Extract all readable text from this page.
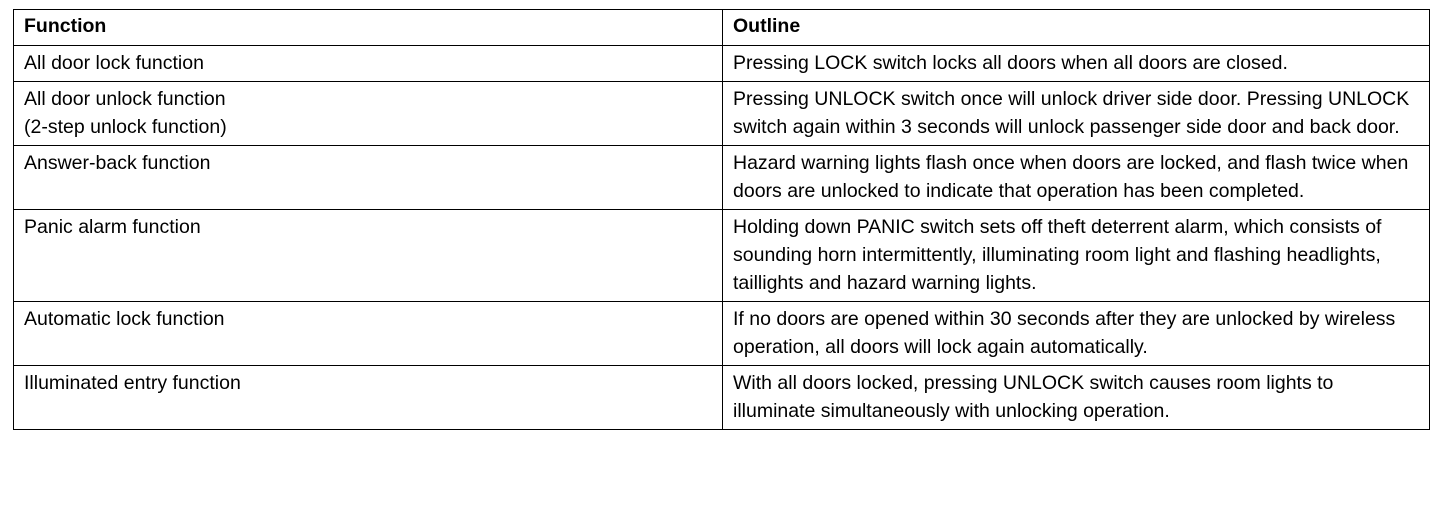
Function	Outline
All door lock function	Pressing LOCK switch locks all doors when all doors are closed.
All door unlock function
(2-step unlock function)	Pressing UNLOCK switch once will unlock driver side door. Pressing UNLOCK switch again within 3 seconds will unlock passenger side door and back door.
Answer-back function	Hazard warning lights flash once when doors are locked, and flash twice when doors are unlocked to indicate that operation has been completed.
Panic alarm function	Holding down PANIC switch sets off theft deterrent alarm, which consists of sounding horn intermittently, illuminating room light and flashing headlights, taillights and hazard warning lights.
Automatic lock function	If no doors are opened within 30 seconds after they are unlocked by wireless operation, all doors will lock again automatically.
Illuminated entry function	With all doors locked, pressing UNLOCK switch causes room lights to illuminate simultaneously with unlocking operation.
